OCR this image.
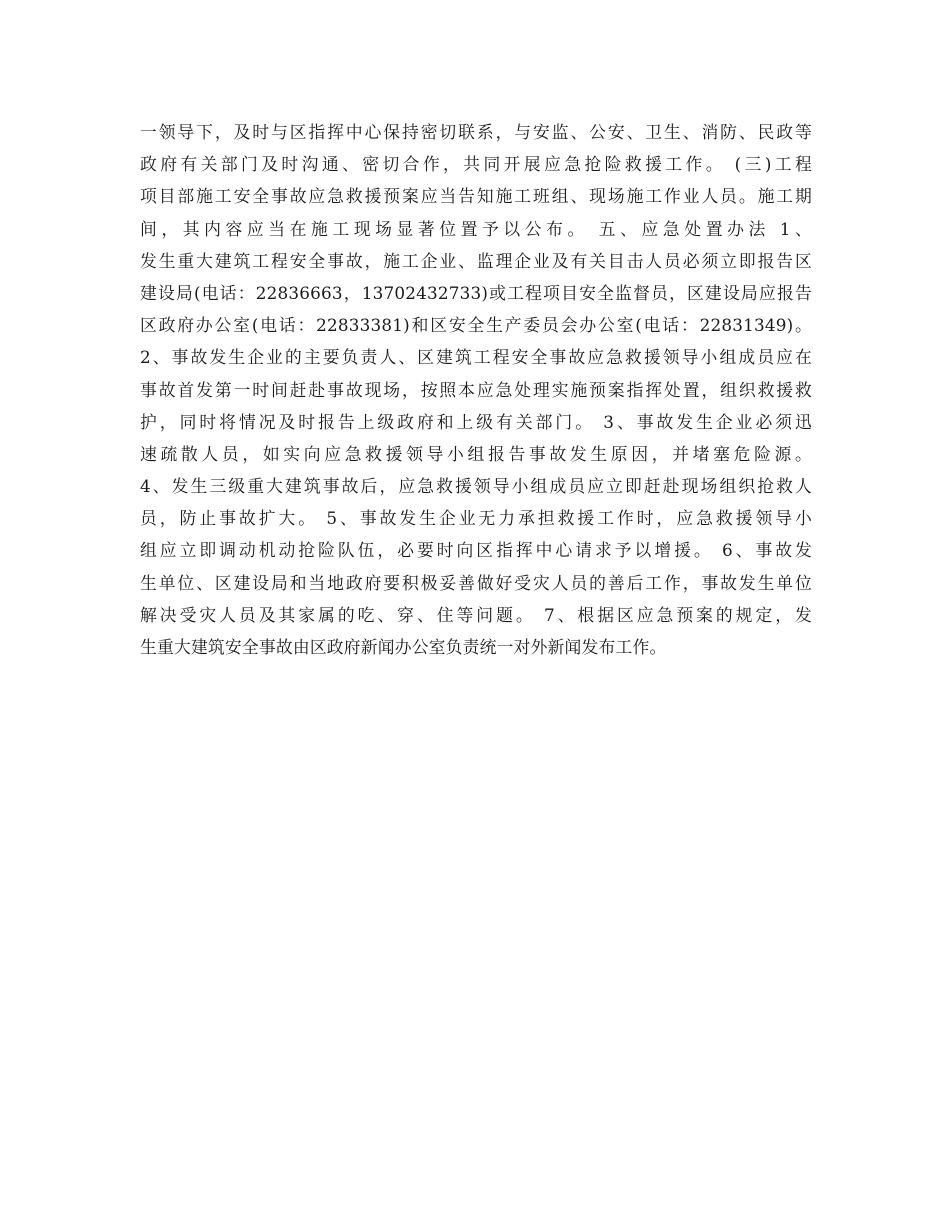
一领导下，及时与区指挥中心保持密切联系，与安监、公安、卫生、消防、民政等
政府有关部门及时沟通、密切合作，共同开展应急抢险救援工作。 (三)工程
项目部施工安全事故应急救援预案应当告知施工班组、现场施工作业人员。施工期
间，其内容应当在施工现场显著位置予以公布。 五、应急处置办法 1、
发生重大建筑工程安全事故，施工企业、监理企业及有关目击人员必须立即报告区
建设局(电话：22836663，13702432733)或工程项目安全监督员，区建设局应报告
区政府办公室(电话：22833381)和区安全生产委员会办公室(电话：22831349)。
2、事故发生企业的主要负责人、区建筑工程安全事故应急救援领导小组成员应在
事故首发第一时间赶赴事故现场，按照本应急处理实施预案指挥处置，组织救援救
护，同时将情况及时报告上级政府和上级有关部门。 3、事故发生企业必须迅
速疏散人员，如实向应急救援领导小组报告事故发生原因，并堵塞危险源。
4、发生三级重大建筑事故后，应急救援领导小组成员应立即赶赴现场组织抢救人
员，防止事故扩大。 5、事故发生企业无力承担救援工作时，应急救援领导小
组应立即调动机动抢险队伍，必要时向区指挥中心请求予以增援。 6、事故发
生单位、区建设局和当地政府要积极妥善做好受灾人员的善后工作，事故发生单位
解决受灾人员及其家属的吃、穿、住等问题。 7、根据区应急预案的规定，发
生重大建筑安全事故由区政府新闻办公室负责统一对外新闻发布工作。
